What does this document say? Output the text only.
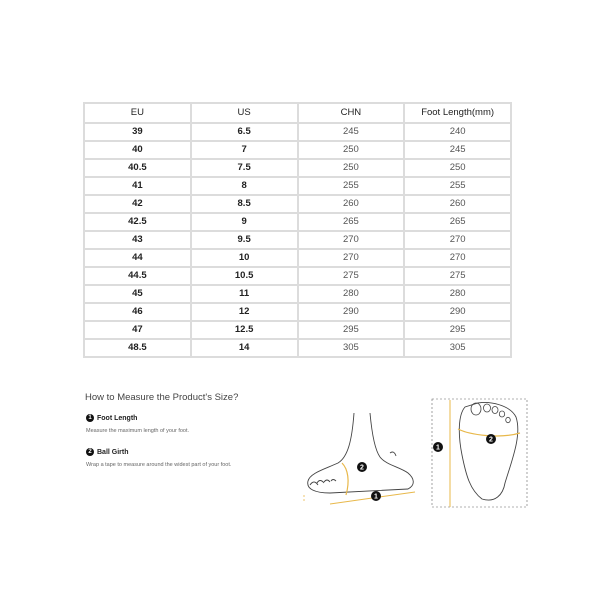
EU	US	CHN	Foot Length(mm)
39	6.5	245	240
40	7	250	245
40.5	7.5	250	250
41	8	255	255
42	8.5	260	260
42.5	9	265	265
43	9.5	270	270
44	10	270	270
44.5	10.5	275	275
45	11	280	280
46	12	290	290
47	12.5	295	295
48.5	14	305	305
How to Measure the Product's Size?
1 Foot Length
Measure the maximum length of your foot.
2 Ball Girth
Wrap a tape to measure around the widest part of your foot.	2
1
1
2
